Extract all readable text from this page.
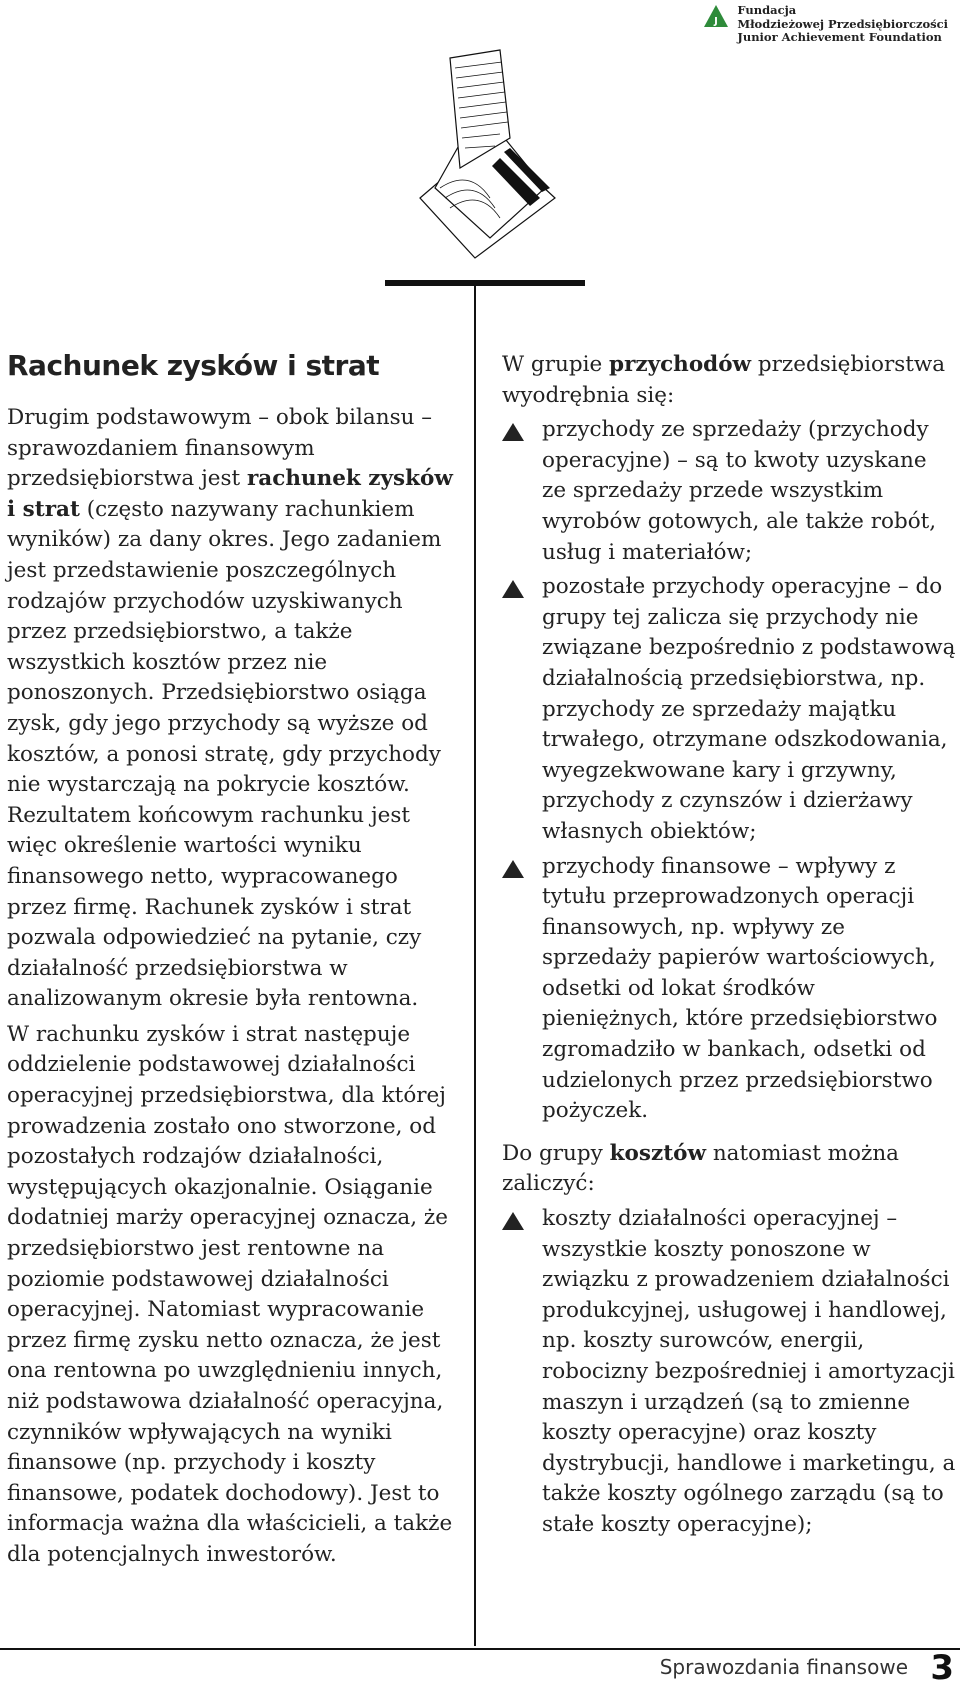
J
Fundacja
Młodzieżowej Przedsiębiorczości
Junior Achievement Foundation
Rachunek zysków i strat

Drugim podstawowym – obok bilansu – sprawozdaniem finansowym przedsiębiorstwa jest rachunek zysków i strat (często nazywany rachunkiem wyników) za dany okres. Jego zadaniem jest przedstawienie poszczególnych rodzajów przychodów uzyskiwanych przez przedsiębiorstwo, a także wszystkich kosztów przez nie ponoszonych. Przedsiębiorstwo osiąga zysk, gdy jego przychody są wyższe od kosztów, a ponosi stratę, gdy przychody nie wystarczają na pokrycie kosztów. Rezultatem końcowym rachunku jest więc określenie wartości wyniku finansowego netto, wypracowanego przez firmę. Rachunek zysków i strat pozwala odpowiedzieć na pytanie, czy działalność przedsiębiorstwa w analizowanym okresie była rentowna.

W rachunku zysków i strat następuje oddzielenie podstawowej działalności operacyjnej przedsiębiorstwa, dla której prowadzenia zostało ono stworzone, od pozostałych rodzajów działalności, występujących okazjonalnie. Osiąganie dodatniej marży operacyjnej oznacza, że przedsiębiorstwo jest rentowne na poziomie podstawowej działalności operacyjnej. Natomiast wypracowanie przez firmę zysku netto oznacza, że jest ona rentowna po uwzględnieniu innych, niż podstawowa działalność operacyjna, czynników wpływających na wyniki finansowe (np. przychody i koszty finansowe, podatek dochodowy). Jest to informacja ważna dla właścicieli, a także dla potencjalnych inwestorów.

W grupie przychodów przedsiębiorstwa wyodrębnia się:

przychody ze sprzedaży (przychody operacyjne) – są to kwoty uzyskane ze sprzedaży przede wszystkim wyrobów gotowych, ale także robót, usług i materiałów;
pozostałe przychody operacyjne – do grupy tej zalicza się przychody nie związane bezpośrednio z podstawową działalnością przedsiębiorstwa, np. przychody ze sprzedaży majątku trwałego, otrzymane odszkodowania, wyegzekwowane kary i grzywny, przychody z czynszów i dzierżawy własnych obiektów;
przychody finansowe – wpływy z tytułu przeprowadzonych operacji finansowych, np. wpływy ze sprzedaży papierów wartościowych, odsetki od lokat środków pieniężnych, które przedsiębiorstwo zgromadziło w bankach, odsetki od udzielonych przez przedsiębiorstwo pożyczek.

Do grupy kosztów natomiast można zaliczyć:

koszty działalności operacyjnej – wszystkie koszty ponoszone w związku z prowadzeniem działalności produkcyjnej, usługowej i handlowej, np. koszty surowców, energii, robocizny bezpośredniej i amortyzacji maszyn i urządzeń (są to zmienne koszty operacyjne) oraz koszty dystrybucji, handlowe i marketingu, a także koszty ogólnego zarządu (są to stałe koszty operacyjne);
Sprawozdania finansowe 3
